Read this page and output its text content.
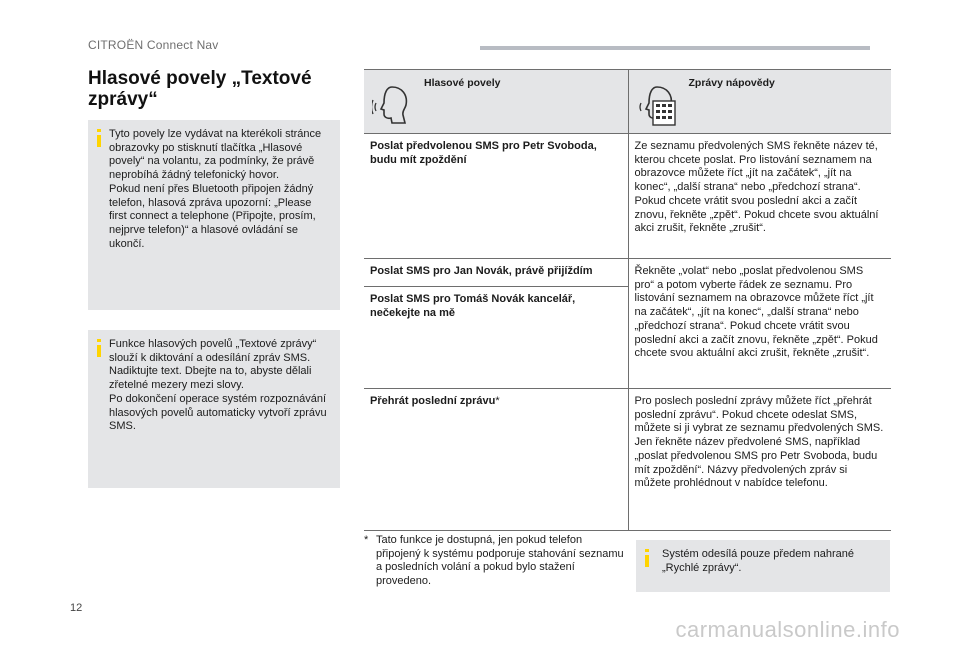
CITROËN Connect Nav
Hlasové povely „Textové zprávy“
Tyto povely lze vydávat na kterékoli stránce obrazovky po stisknutí tlačítka „Hlasové povely“ na volantu, za podmínky, že právě neprobíhá žádný telefonický hovor.
Pokud není přes Bluetooth připojen žádný telefon, hlasová zpráva upozorní: „Please first connect a telephone (Připojte, prosím, nejprve telefon)“ a hlasové ovládání se ukončí.
Funkce hlasových povelů „Textové zprávy“ slouží k diktování a odesílání zpráv SMS. Nadiktujte text. Dbejte na to, abyste dělali zřetelné mezery mezi slovy.
Po dokončení operace systém rozpoznávání hlasových povelů automaticky vytvoří zprávu SMS.
Hlasové povely	Zprávy nápovědy

Poslat předvolenou SMS pro Petr Svoboda, budu mít zpoždění	Ze seznamu předvolených SMS řekněte název té, kterou chcete poslat. Pro listování seznamem na obrazovce můžete říct „jít na začátek“, „jít na konec“, „další strana“ nebo „předchozí strana“. Pokud chcete vrátit svou poslední akci a začít znovu, řekněte „zpět“. Pokud chcete svou aktuální akci zrušit, řekněte „zrušit“.

Poslat SMS pro Jan Novák, právě přijíždím
Poslat SMS pro Tomáš Novák kancelář, nečekejte na mě	Řekněte „volat“ nebo „poslat předvolenou SMS pro“ a potom vyberte řádek ze seznamu. Pro listování seznamem na obrazovce můžete říct „jít na začátek“, „jít na konec“, „další strana“ nebo „předchozí strana“. Pokud chcete vrátit svou poslední akci a začít znovu, řekněte „zpět“. Pokud chcete svou aktuální akci zrušit, řekněte „zrušit“.
Přehrát poslední zprávu*	Pro poslech poslední zprávy můžete říct „přehrát poslední zprávu“. Pokud chcete odeslat SMS, můžete si ji vybrat ze seznamu předvolených SMS. Jen řekněte název předvolené SMS, například „poslat předvolenou SMS pro Petr Svoboda, budu mít zpoždění“. Názvy předvolených zpráv si můžete prohlédnout v nabídce telefonu.
* Tato funkce je dostupná, jen pokud telefon připojený k systému podporuje stahování seznamu a posledních volání a pokud bylo stažení provedeno.
Systém odesílá pouze předem nahrané „Rychlé zprávy“.
12
carmanualsonline.info
